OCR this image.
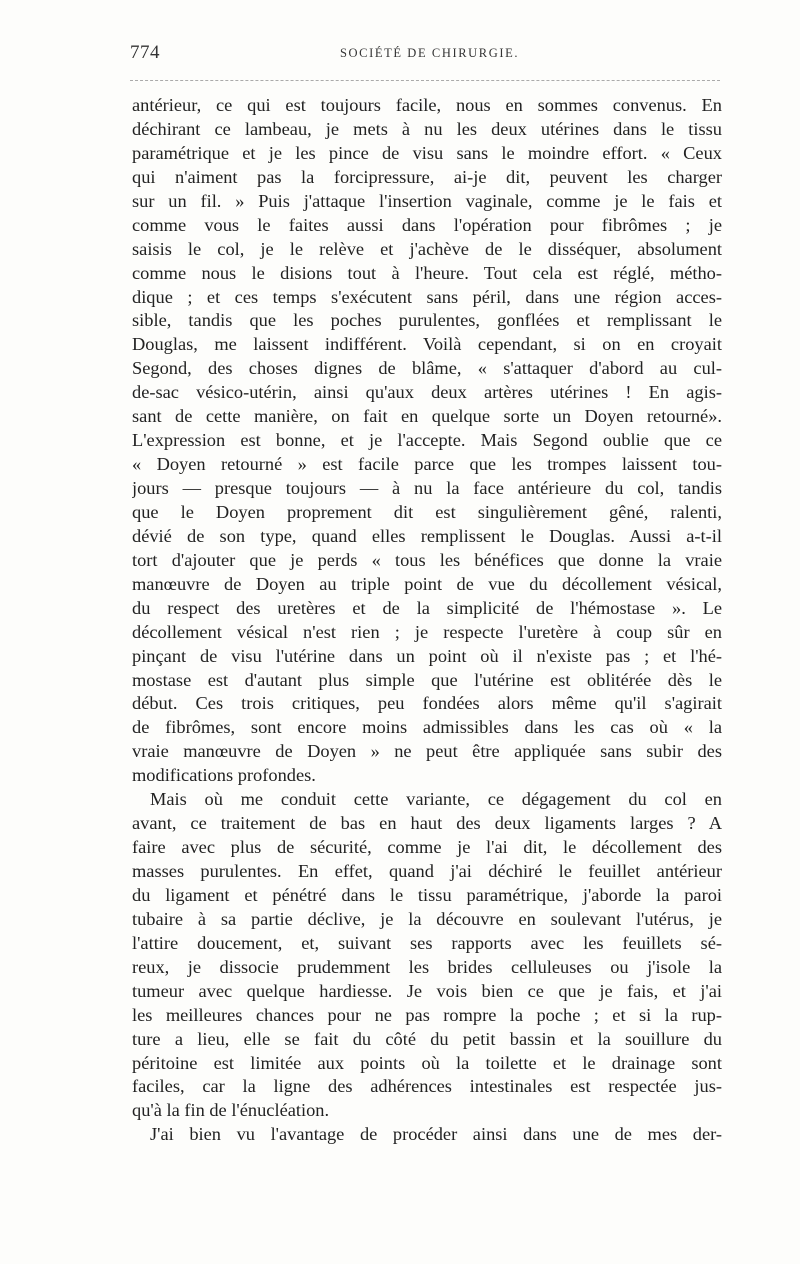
774	SOCIÉTÉ DE CHIRURGIE.
antérieur, ce qui est toujours facile, nous en sommes convenus. En
déchirant ce lambeau, je mets à nu les deux utérines dans le tissu
paramétrique et je les pince de visu sans le moindre effort. « Ceux
qui n'aiment pas la forcipressure, ai-je dit, peuvent les charger
sur un fil. » Puis j'attaque l'insertion vaginale, comme je le fais et
comme vous le faites aussi dans l'opération pour fibrômes ; je
saisis le col, je le relève et j'achève de le disséquer, absolument
comme nous le disions tout à l'heure. Tout cela est réglé, métho-
dique ; et ces temps s'exécutent sans péril, dans une région acces-
sible, tandis que les poches purulentes, gonflées et remplissant le
Douglas, me laissent indifférent. Voilà cependant, si on en croyait
Segond, des choses dignes de blâme, « s'attaquer d'abord au cul-
de-sac vésico-utérin, ainsi qu'aux deux artères utérines ! En agis-
sant de cette manière, on fait en quelque sorte un Doyen retourné».
L'expression est bonne, et je l'accepte. Mais Segond oublie que ce
« Doyen retourné » est facile parce que les trompes laissent tou-
jours — presque toujours — à nu la face antérieure du col, tandis
que le Doyen proprement dit est singulièrement gêné, ralenti,
dévié de son type, quand elles remplissent le Douglas. Aussi a-t-il
tort d'ajouter que je perds « tous les bénéfices que donne la vraie
manœuvre de Doyen au triple point de vue du décollement vésical,
du respect des uretères et de la simplicité de l'hémostase ». Le
décollement vésical n'est rien ; je respecte l'uretère à coup sûr en
pinçant de visu l'utérine dans un point où il n'existe pas ; et l'hé-
mostase est d'autant plus simple que l'utérine est oblitérée dès le
début. Ces trois critiques, peu fondées alors même qu'il s'agirait
de fibrômes, sont encore moins admissibles dans les cas où « la
vraie manœuvre de Doyen » ne peut être appliquée sans subir des
modifications profondes.
Mais où me conduit cette variante, ce dégagement du col en
avant, ce traitement de bas en haut des deux ligaments larges ? A
faire avec plus de sécurité, comme je l'ai dit, le décollement des
masses purulentes. En effet, quand j'ai déchiré le feuillet antérieur
du ligament et pénétré dans le tissu paramétrique, j'aborde la paroi
tubaire à sa partie déclive, je la découvre en soulevant l'utérus, je
l'attire doucement, et, suivant ses rapports avec les feuillets sé-
reux, je dissocie prudemment les brides celluleuses ou j'isole la
tumeur avec quelque hardiesse. Je vois bien ce que je fais, et j'ai
les meilleures chances pour ne pas rompre la poche ; et si la rup-
ture a lieu, elle se fait du côté du petit bassin et la souillure du
péritoine est limitée aux points où la toilette et le drainage sont
faciles, car la ligne des adhérences intestinales est respectée jus-
qu'à la fin de l'énucléation.
J'ai bien vu l'avantage de procéder ainsi dans une de mes der-
